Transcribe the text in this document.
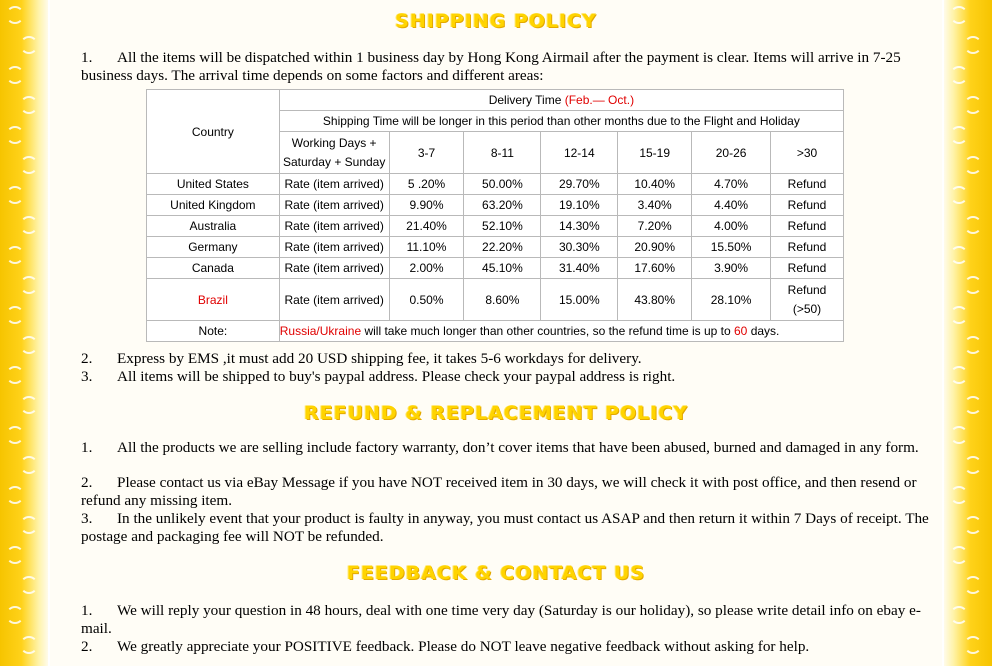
SHIPPING POLICY
1. All the items will be dispatched within 1 business day by Hong Kong Airmail after the payment is clear. Items will arrive in 7-25 business days. The arrival time depends on some factors and different areas:
Country	Delivery Time (Feb.— Oct.)						
	Shipping Time will be longer in this period than other months due to the Flight and Holiday						

	Working Days +
Saturday + Sunday	3-7	8-11	12-14	15-19	20-26	>30
United States	Rate (item arrived)	5 .20%	50.00%	29.70%	10.40%	4.70%	Refund
United Kingdom	Rate (item arrived)	9.90%	63.20%	19.10%	3.40%	4.40%	Refund
Australia	Rate (item arrived)	21.40%	52.10%	14.30%	7.20%	4.00%	Refund
Germany	Rate (item arrived)	11.10%	22.20%	30.30%	20.90%	15.50%	Refund
Canada	Rate (item arrived)	2.00%	45.10%	31.40%	17.60%	3.90%	Refund
Brazil	Rate (item arrived)	0.50%	8.60%	15.00%	43.80%	28.10%	Refund
(>50)

Note:	Russia/Ukraine will take much longer than other countries, so the refund time is up to 60 days.						
2. Express by EMS ,it must add 20 USD shipping fee, it takes 5-6 workdays for delivery.
3. All items will be shipped to buy's paypal address. Please check your paypal address is right.
REFUND & REPLACEMENT POLICY
1. All the products we are selling include factory warranty, don’t cover items that have been abused, burned and damaged in any form.
2. Please contact us via eBay Message if you have NOT received item in 30 days, we will check it with post office, and then resend or refund any missing item.
3. In the unlikely event that your product is faulty in anyway, you must contact us ASAP and then return it within 7 Days of receipt. The postage and packaging fee will NOT be refunded.
FEEDBACK & CONTACT US
1. We will reply your question in 48 hours, deal with one time very day (Saturday is our holiday), so please write detail info on ebay e-mail.
2. We greatly appreciate your POSITIVE feedback. Please do NOT leave negative feedback without asking for help.
